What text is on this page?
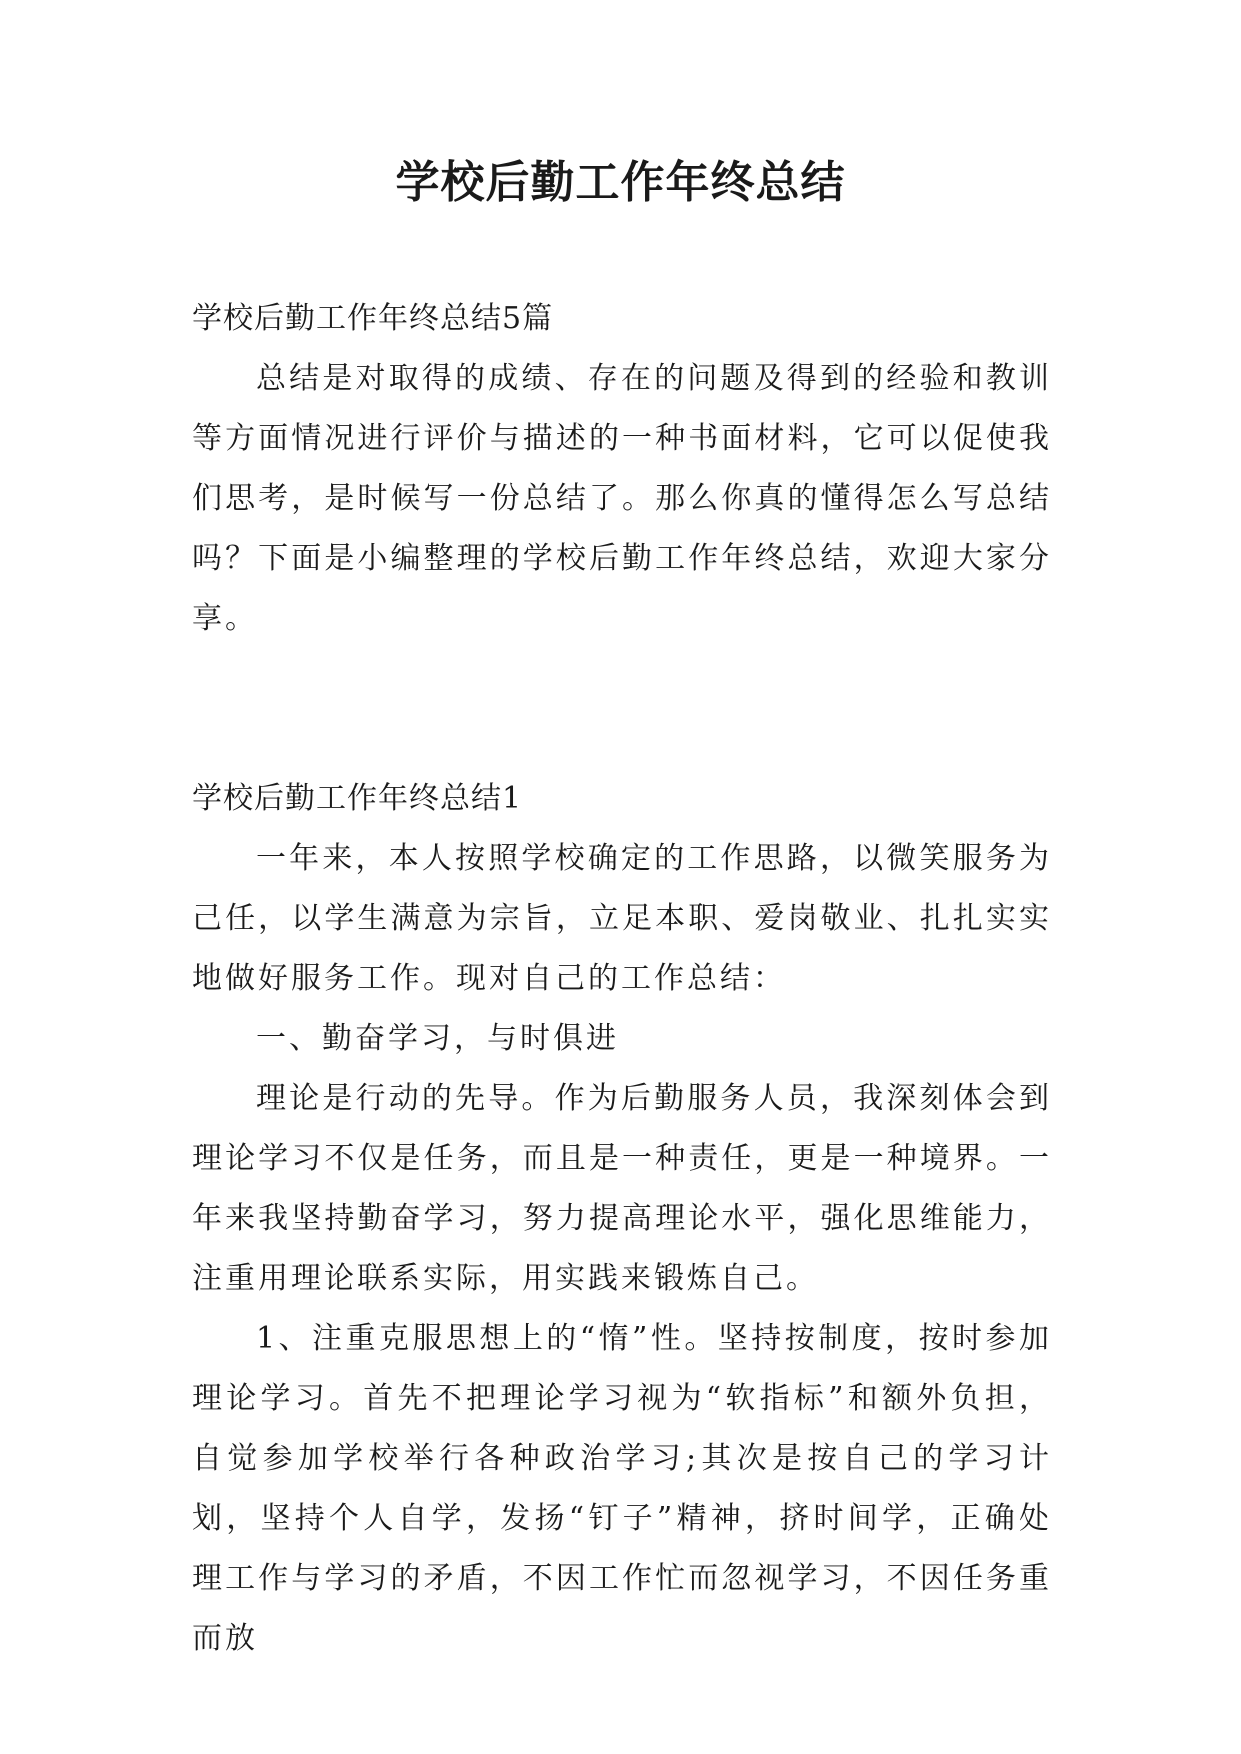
学校后勤工作年终总结

学校后勤工作年终总结5篇

总结是对取得的成绩、存在的问题及得到的经验和教训等方面情况进行评价与描述的一种书面材料，它可以促使我们思考，是时候写一份总结了。那么你真的懂得怎么写总结吗？下面是小编整理的学校后勤工作年终总结，欢迎大家分享。

学校后勤工作年终总结1

一年来，本人按照学校确定的工作思路，以微笑服务为己任，以学生满意为宗旨，立足本职、爱岗敬业、扎扎实实地做好服务工作。现对自己的工作总结：

一、勤奋学习，与时俱进

理论是行动的先导。作为后勤服务人员，我深刻体会到理论学习不仅是任务，而且是一种责任，更是一种境界。一年来我坚持勤奋学习，努力提高理论水平，强化思维能力，注重用理论联系实际，用实践来锻炼自己。

1、注重克服思想上的“惰”性。坚持按制度，按时参加理论学习。首先不把理论学习视为“软指标”和额外负担，自觉参加学校举行各种政治学习;其次是按自己的学习计划，坚持个人自学，发扬“钉子”精神，挤时间学，正确处理工作与学习的矛盾，不因工作忙而忽视学习，不因任务重而放
